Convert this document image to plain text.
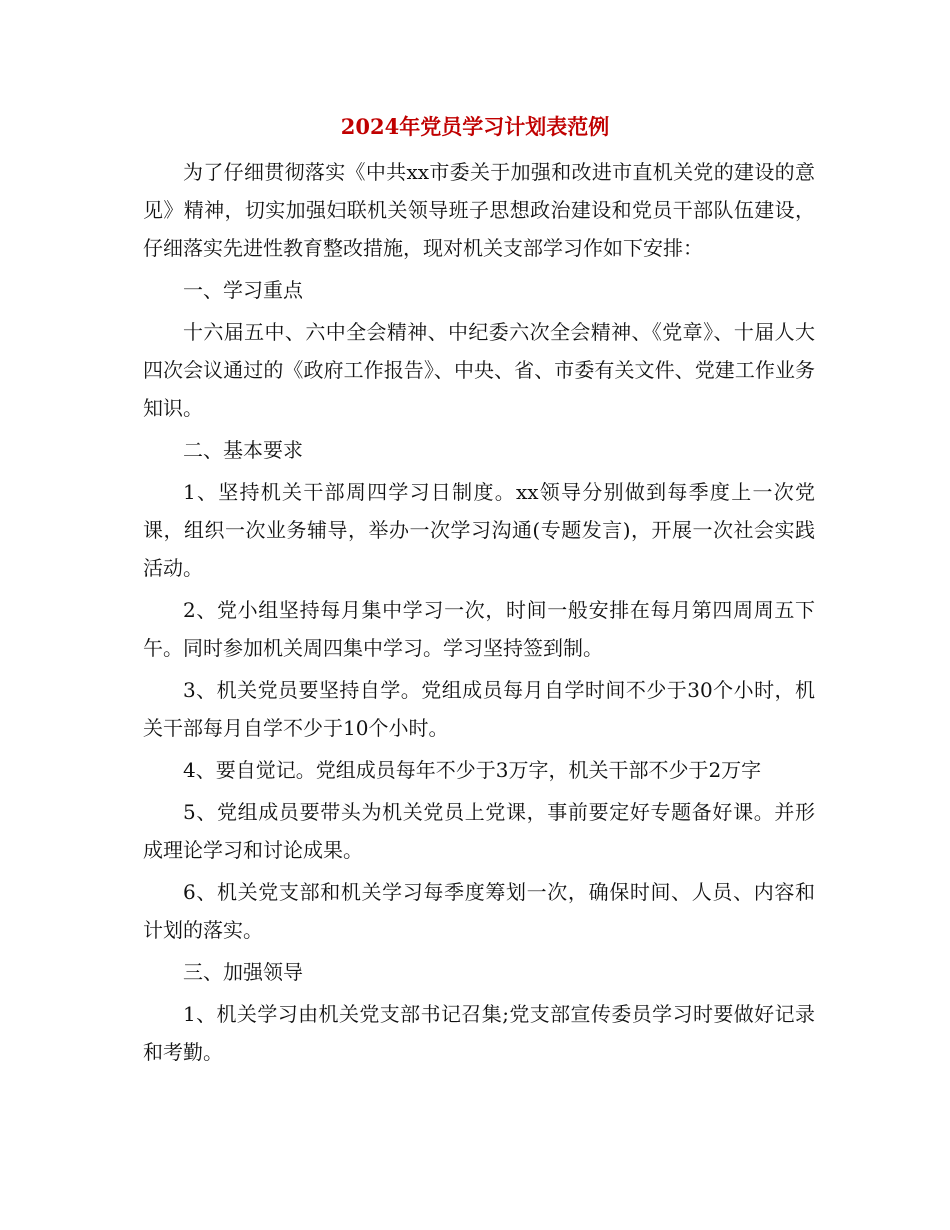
2024年党员学习计划表范例

为了仔细贯彻落实《中共xx市委关于加强和改进市直机关党的建设的意见》精神，切实加强妇联机关领导班子思想政治建设和党员干部队伍建设，仔细落实先进性教育整改措施，现对机关支部学习作如下安排：

一、学习重点

十六届五中、六中全会精神、中纪委六次全会精神、《党章》、十届人大四次会议通过的《政府工作报告》、中央、省、市委有关文件、党建工作业务知识。

二、基本要求

1、坚持机关干部周四学习日制度。xx领导分别做到每季度上一次党课，组织一次业务辅导，举办一次学习沟通(专题发言)，开展一次社会实践活动。

2、党小组坚持每月集中学习一次，时间一般安排在每月第四周周五下午。同时参加机关周四集中学习。学习坚持签到制。

3、机关党员要坚持自学。党组成员每月自学时间不少于30个小时，机关干部每月自学不少于10个小时。

4、要自觉记。党组成员每年不少于3万字，机关干部不少于2万字

5、党组成员要带头为机关党员上党课，事前要定好专题备好课。并形成理论学习和讨论成果。

6、机关党支部和机关学习每季度筹划一次，确保时间、人员、内容和计划的落实。

三、加强领导

1、机关学习由机关党支部书记召集;党支部宣传委员学习时要做好记录和考勤。
